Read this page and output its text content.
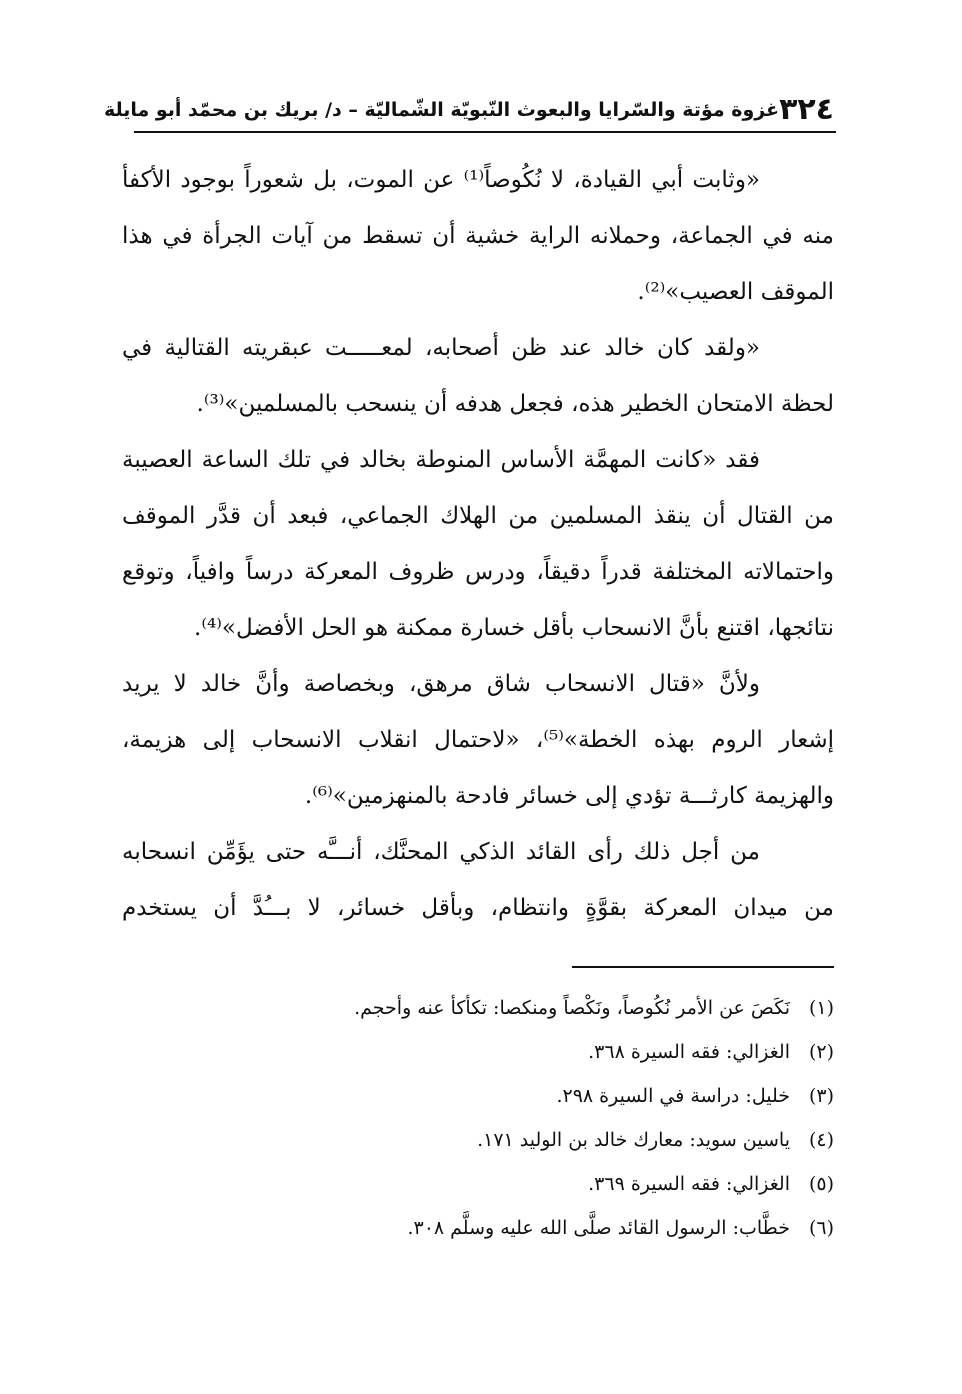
٣٢٤
غزوة مؤتة والسّرايا والبعوث النّبويّة الشّماليّة – د/ بريك بن محمّد أبو مايلة

«وثابت أبي القيادة، لا نُكُوصاً⁽¹⁾ عن الموت، بل شعوراً بوجود الأكفأ منه في الجماعة، وحملانه الراية خشية أن تسقط من آيات الجرأة في هذا الموقف العصيب»⁽²⁾.

«ولقد كان خالد عند ظن أصحابه، لمعـــــت عبقريته القتالية في لحظة الامتحان الخطير هذه، فجعل هدفه أن ينسحب بالمسلمين»⁽³⁾.

فقد «كانت المهمَّة الأساس المنوطة بخالد في تلك الساعة العصيبة من القتال أن ينقذ المسلمين من الهلاك الجماعي، فبعد أن قدَّر الموقف واحتمالاته المختلفة قدراً دقيقاً، ودرس ظروف المعركة درساً وافياً، وتوقع نتائجها، اقتنع بأنَّ الانسحاب بأقل خسارة ممكنة هو الحل الأفضل»⁽⁴⁾.

ولأنَّ «قتال الانسحاب شاق مرهق، وبخصاصة وأنَّ خالد لا يريد إشعار الروم بهذه الخطة»⁽⁵⁾، «لاحتمال انقلاب الانسحاب إلى هزيمة، والهزيمة كارثـــة تؤدي إلى خسائر فادحة بالمنهزمين»⁽⁶⁾.

من أجل ذلك رأى القائد الذكي المحنَّك، أنـــَّه حتى يؤَمِّن انسحابه من ميدان المعركة بقوَّةٍ وانتظام، وبأقل خسائر، لا بـــُدَّ أن يستخدم

(١)
نَكَصَ عن الأمر نُكُوصاً، ونَكْصاً ومنكصا: تكأكأ عنه وأحجم.
(٢)
الغزالي: فقه السيرة ٣٦٨.
(٣)
خليل: دراسة في السيرة ٢٩٨.
(٤)
ياسين سويد: معارك خالد بن الوليد ١٧١.
(٥)
الغزالي: فقه السيرة ٣٦٩.
(٦)
خطَّاب: الرسول القائد صلَّى الله عليه وسلَّم ٣٠٨.
